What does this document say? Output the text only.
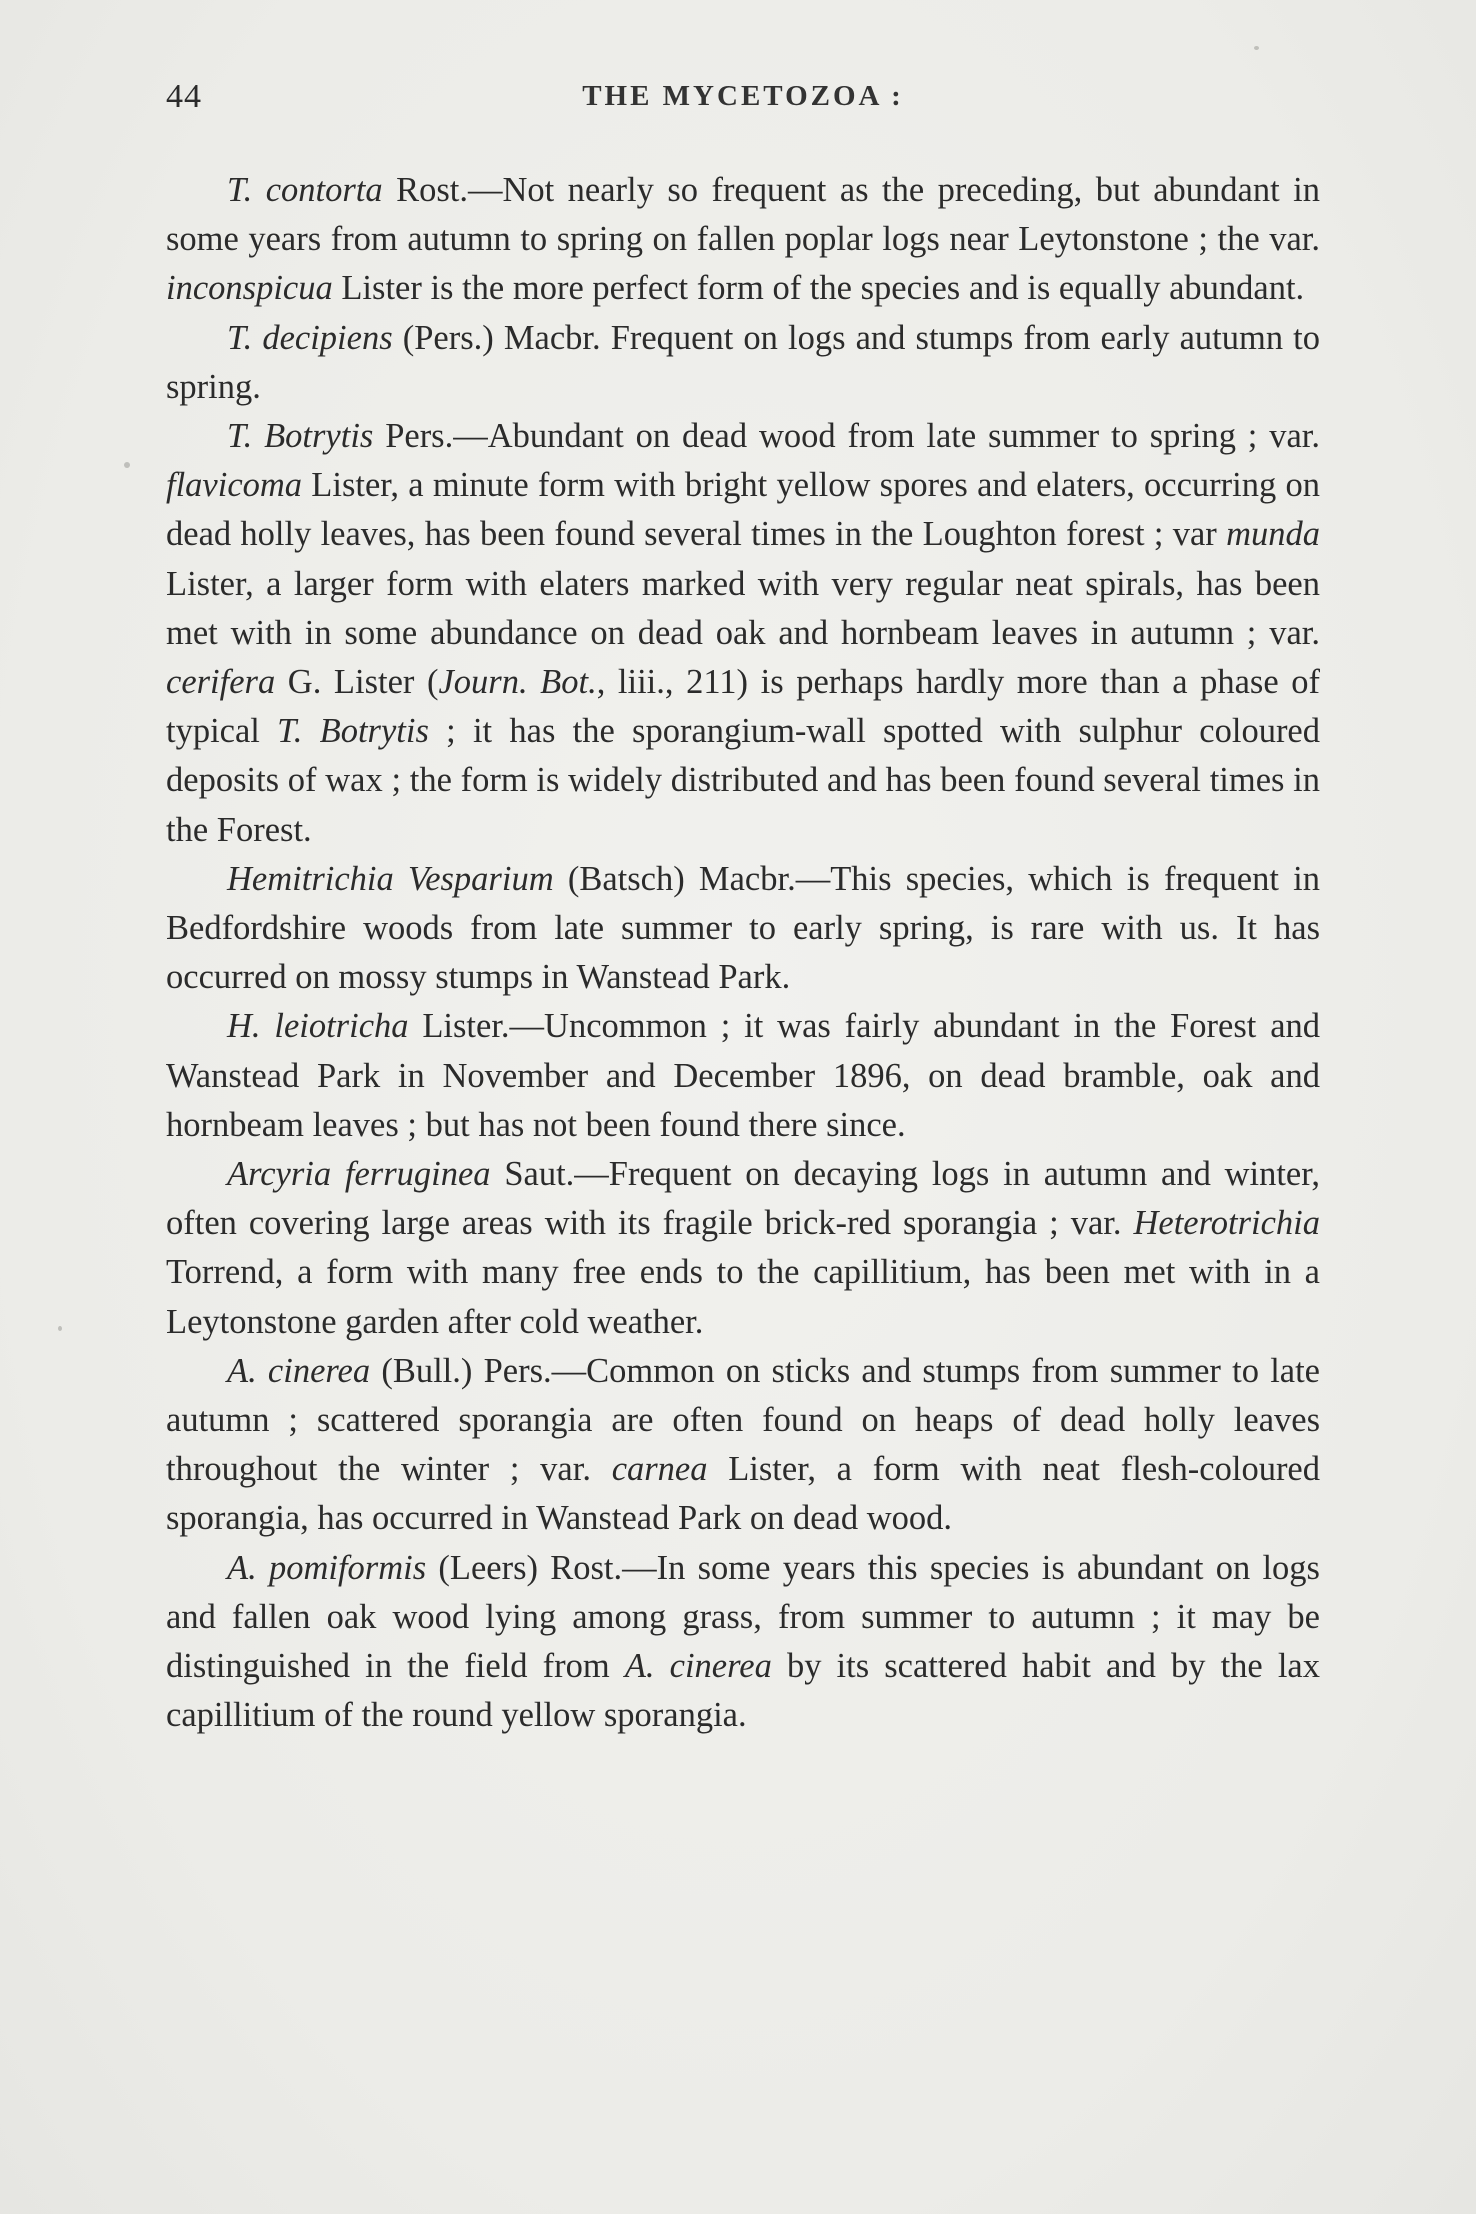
44	THE MYCETOZOA :

T. contorta Rost.—Not nearly so frequent as the preceding, but abundant in some years from autumn to spring on fallen poplar logs near Leytonstone ; the var. inconspicua Lister is the more perfect form of the species and is equally abundant.

T. decipiens (Pers.) Macbr. Frequent on logs and stumps from early autumn to spring.

T. Botrytis Pers.—Abundant on dead wood from late summer to spring ; var. flavicoma Lister, a minute form with bright yellow spores and elaters, occurring on dead holly leaves, has been found several times in the Loughton forest ; var munda Lister, a larger form with elaters marked with very regular neat spirals, has been met with in some abundance on dead oak and hornbeam leaves in autumn ; var. cerifera G. Lister (Journ. Bot., liii., 211) is perhaps hardly more than a phase of typical T. Botrytis ; it has the sporangium-wall spotted with sulphur coloured deposits of wax ; the form is widely distributed and has been found several times in the Forest.

Hemitrichia Vesparium (Batsch) Macbr.—This species, which is frequent in Bedfordshire woods from late summer to early spring, is rare with us. It has occurred on mossy stumps in Wanstead Park.

H. leiotricha Lister.—Uncommon ; it was fairly abundant in the Forest and Wanstead Park in November and December 1896, on dead bramble, oak and hornbeam leaves ; but has not been found there since.

Arcyria ferruginea Saut.—Frequent on decaying logs in autumn and winter, often covering large areas with its fragile brick-red sporangia ; var. Heterotrichia Torrend, a form with many free ends to the capillitium, has been met with in a Leytonstone garden after cold weather.

A. cinerea (Bull.) Pers.—Common on sticks and stumps from summer to late autumn ; scattered sporangia are often found on heaps of dead holly leaves throughout the winter ; var. carnea Lister, a form with neat flesh-coloured sporangia, has occurred in Wanstead Park on dead wood.

A. pomiformis (Leers) Rost.—In some years this species is abundant on logs and fallen oak wood lying among grass, from summer to autumn ; it may be distinguished in the field from A. cinerea by its scattered habit and by the lax capillitium of the round yellow sporangia.
